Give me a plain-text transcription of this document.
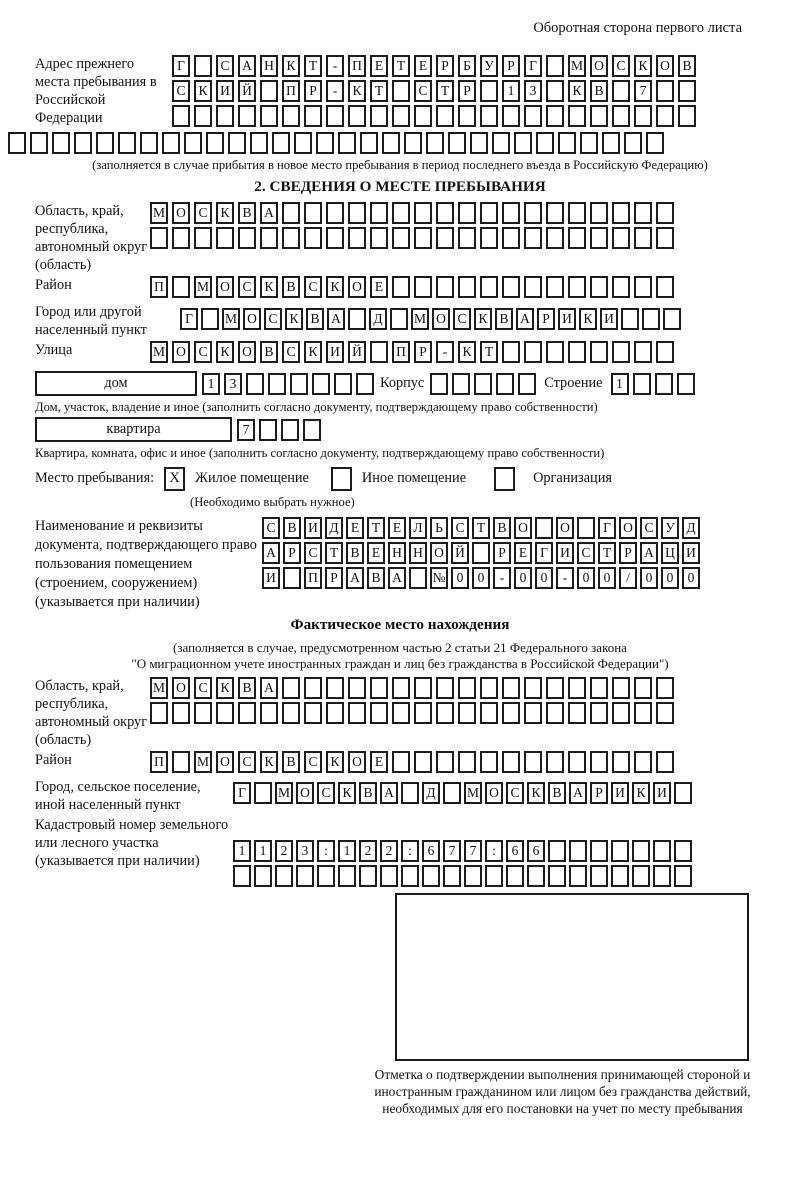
Оборотная сторона первого листа
Адрес прежнего места пребывания в Российской Федерации
Г	С А Н К Т	-	П Е	Т	Е	Р	Б У Р	Г	М О С К О В
С К И Й	П Р	-	К Т	С Т	Р	1	3	К В	7
(заполняется в случае прибытия в новое место пребывания в период последнего въезда в Российскую Федерацию)
2. СВЕДЕНИЯ О МЕСТЕ ПРЕБЫВАНИЯ
Область, край, республика, автономный округ (область)
М О С К В А
Район	П	М О С К В С К О Е
Город или другой населенный пункт
Г	М О С К В А	Д	М О С К В А Р И К И
Улица	М О С К О В С К И Й	П Р	-	К Т
дом	1	3	Корпус	Строение	1
Дом, участок, владение и иное (заполнить согласно документу, подтверждающему право собственности)
квартира	7
Квартира, комната, офис и иное (заполнить согласно документу, подтверждающему право собственности)
Место пребывания:	X	Жилое помещение	Иное помещение	Организация
(Необходимо выбрать нужное)
Наименование и реквизиты документа, подтверждающего право пользования помещением (строением, сооружением) (указывается при наличии)
С В И Д Е Т Е Л Ь С Т В О	О	Г О С У Д
А Р С Т В Е Н Н О Й	Р Е Г И С Т Р А Ц И
И	П Р А В А	№ 0	0	-	0	0	-	0	0	/	0	0	0
Фактическое место нахождения
(заполняется в случае, предусмотренном частью 2 статьи 21 Федерального закона
"О миграционном учете иностранных граждан и лиц без гражданства в Российской Федерации")
Область, край, республика, автономный округ (область)
М О С К В А
Район	П	М О С К В С К О Е
Город, сельское поселение, иной населенный пункт
Г	М О С К В А	Д	М О С К В А Р И К И
Кадастровый номер земельного или лесного участка (указывается при наличии)
1	1	2	3	:	1	2	2	:	6	7	7	:	6	6
Отметка о подтверждении выполнения принимающей стороной и иностранным гражданином или лицом без гражданства действий, необходимых для его постановки на учет по месту пребывания
